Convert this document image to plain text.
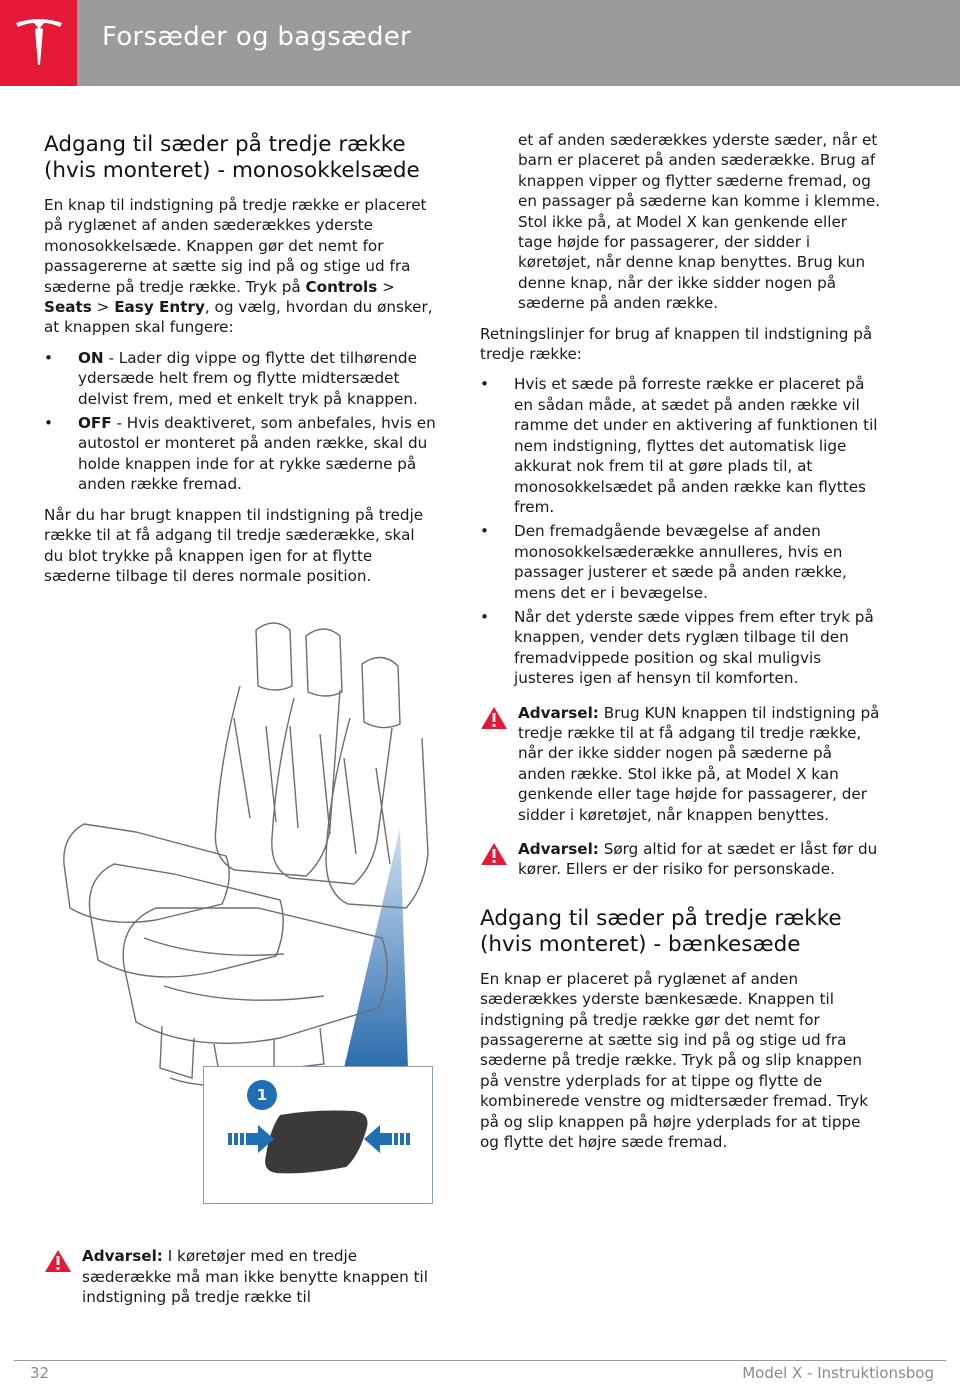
Forsæder og bagsæder
Adgang til sæder på tredje række (hvis monteret) - monosokkelsæde

En knap til indstigning på tredje række er placeret på ryglænet af anden sæderækkes yderste monosokkelsæde. Knappen gør det nemt for passagererne at sætte sig ind på og stige ud fra sæderne på tredje række. Tryk på Controls > Seats > Easy Entry, og vælg, hvordan du ønsker, at knappen skal fungere:

• ON - Lader dig vippe og flytte det tilhørende ydersæde helt frem og flytte midtersædet delvist frem, med et enkelt tryk på knappen.
• OFF - Hvis deaktiveret, som anbefales, hvis en autostol er monteret på anden række, skal du holde knappen inde for at rykke sæderne på anden række fremad.

Når du har brugt knappen til indstigning på tredje række til at få adgang til tredje sæderække, skal du blot trykke på knappen igen for at flytte sæderne tilbage til deres normale position.

1
Advarsel: I køretøjer med en tredje sæderække må man ikke benytte knappen til indstigning på tredje række til

et af anden sæderækkes yderste sæder, når et barn er placeret på anden sæderække. Brug af knappen vipper og flytter sæderne fremad, og en passager på sæderne kan komme i klemme. Stol ikke på, at Model X kan genkende eller tage højde for passagerer, der sidder i køretøjet, når denne knap benyttes. Brug kun denne knap, når der ikke sidder nogen på sæderne på anden række.

Retningslinjer for brug af knappen til indstigning på tredje række:

• Hvis et sæde på forreste række er placeret på en sådan måde, at sædet på anden række vil ramme det under en aktivering af funktionen til nem indstigning, flyttes det automatisk lige akkurat nok frem til at gøre plads til, at monosokkelsædet på anden række kan flyttes frem.
• Den fremadgående bevægelse af anden monosokkelsæderække annulleres, hvis en passager justerer et sæde på anden række, mens det er i bevægelse.
• Når det yderste sæde vippes frem efter tryk på knappen, vender dets ryglæn tilbage til den fremadvippede position og skal muligvis justeres igen af hensyn til komforten.
Advarsel: Brug KUN knappen til indstigning på tredje række til at få adgang til tredje række, når der ikke sidder nogen på sæderne på anden række. Stol ikke på, at Model X kan genkende eller tage højde for passagerer, der sidder i køretøjet, når knappen benyttes.
Advarsel: Sørg altid for at sædet er låst før du kører. Ellers er der risiko for personskade.
Adgang til sæder på tredje række (hvis monteret) - bænkesæde

En knap er placeret på ryglænet af anden sæderækkes yderste bænkesæde. Knappen til indstigning på tredje række gør det nemt for passagererne at sætte sig ind på og stige ud fra sæderne på tredje række. Tryk på og slip knappen på venstre yderplads for at tippe og flytte de kombinerede venstre og midtersæder fremad. Tryk på og slip knappen på højre yderplads for at tippe og flytte det højre sæde fremad.

32	Model X - Instruktionsbog
